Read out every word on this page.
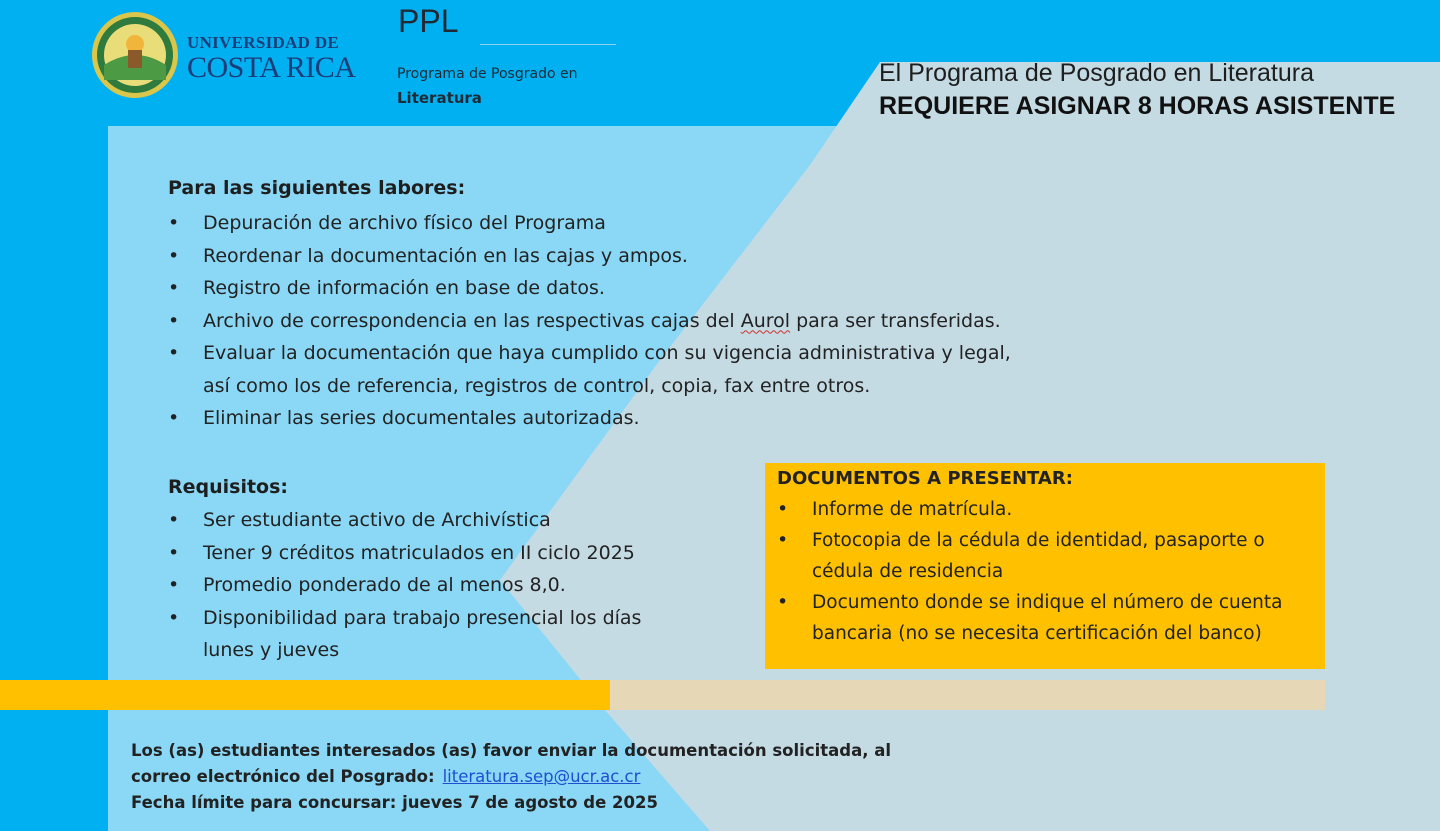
UNIVERSIDAD DE
COSTA RICA
PPL
Programa de Posgrado en
Literatura
El Programa de Posgrado en Literatura
REQUIERE ASIGNAR 8 HORAS ASISTENTE
Para las siguientes labores:
• Depuración de archivo físico del Programa
• Reordenar la documentación en las cajas y ampos.
• Registro de información en base de datos.
• Archivo de correspondencia en las respectivas cajas del Aurol para ser transferidas.
• Evaluar la documentación que haya cumplido con su vigencia administrativa y legal,
así como los de referencia, registros de control, copia, fax entre otros.
• Eliminar las series documentales autorizadas.
Requisitos:
• Ser estudiante activo de Archivística
• Tener 9 créditos matriculados en II ciclo 2025
• Promedio ponderado de al menos 8,0.
• Disponibilidad para trabajo presencial los días
lunes y jueves
DOCUMENTOS A PRESENTAR:
• Informe de matrícula.
• Fotocopia de la cédula de identidad, pasaporte o
cédula de residencia
• Documento donde se indique el número de cuenta
bancaria (no se necesita certificación del banco)
Los (as) estudiantes interesados (as) favor enviar la documentación solicitada, al
correo electrónico del Posgrado: literatura.sep@ucr.ac.cr
Fecha límite para concursar: jueves 7 de agosto de 2025
